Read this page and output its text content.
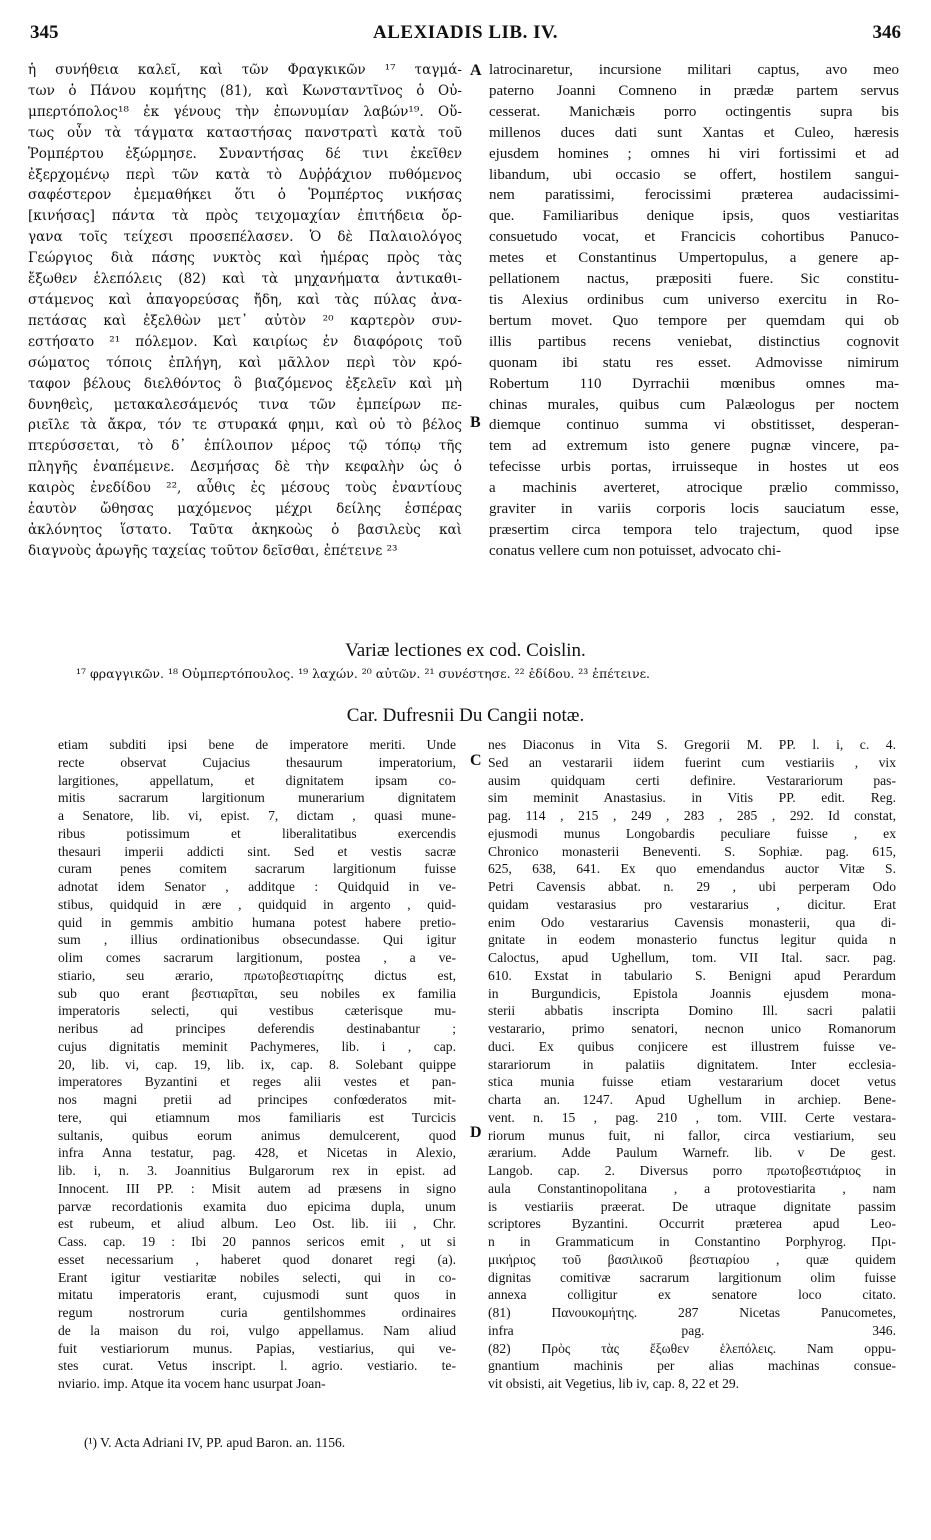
345	ALEXIADIS LIB. IV.	346
ἡ συνήθεια καλεῖ, καὶ τῶν Φραγκικῶν ¹⁷ ταγμά-
των ὁ Πάνου κομήτης (81), καὶ Κωνσταντῖνος ὁ Οὐ-
μπερτόπολος¹⁸ ἐκ γένους τὴν ἐπωνυμίαν λαβών¹⁹. Οὕ-
τως οὖν τὰ τάγματα καταστήσας πανστρατὶ κατὰ τοῦ
Ῥομπέρτου ἐξώρμησε. Συναντήσας δέ τινι ἐκεῖθεν
ἐξερχομένῳ περὶ τῶν κατὰ τὸ Δυῤῥάχιον πυθόμενος
σαφέστερον ἐμεμαθήκει ὅτι ὁ Ῥομπέρτος νικήσας
[κινήσας] πάντα τὰ πρὸς τειχομαχίαν ἐπιτήδεια ὄρ-
γανα τοῖς τείχεσι προσεπέλασεν. Ὁ δὲ Παλαιολόγος
Γεώργιος διὰ πάσης νυκτὸς καὶ ἡμέρας πρὸς τὰς
ἔξωθεν ἑλεπόλεις (82) καὶ τὰ μηχανήματα ἀντικαθι-
στάμενος καὶ ἀπαγορεύσας ἤδη, καὶ τὰς πύλας ἀνα-
πετάσας καὶ ἐξελθὼν μετ᾽ αὐτὸν ²⁰ καρτερὸν συν-
εστήσατο ²¹ πόλεμον. Καὶ καιρίως ἐν διαφόροις τοῦ
σώματος τόποις ἐπλήγη, καὶ μᾶλλον περὶ τὸν κρό-
ταφον βέλους διελθόντος ὃ βιαζόμενος ἐξελεῖν καὶ μὴ
δυνηθεὶς, μετακαλεσάμενός τινα τῶν ἐμπείρων πε-
ριεῖλε τὰ ἄκρα, τόν τε στυρακά φημι, καὶ οὐ τὸ βέλος
πτερύσσεται, τὸ δ᾽ ἐπίλοιπον μέρος τῷ τόπῳ τῆς
πληγῆς ἐναπέμεινε. Δεσμήσας δὲ τὴν κεφαλὴν ὡς ὁ
καιρὸς ἐνεδίδου ²², αὖθις ἐς μέσους τοὺς ἐναντίους
ἑαυτὸν ὤθησας μαχόμενος μέχρι δείλης ἑσπέρας
ἀκλόνητος ἵστατο. Ταῦτα ἀκηκοὼς ὁ βασιλεὺς καὶ
διαγνοὺς ἀρωγῆς ταχείας τοῦτον δεῖσθαι, ἐπέτεινε ²³
latrocinaretur, incursione militari captus, avo meo
paterno Joanni Comneno in prædæ partem servus
cesserat. Manichæis porro octingentis supra bis
millenos duces dati sunt Xantas et Culeo, hæresis
ejusdem homines ; omnes hi viri fortissimi et ad
libandum, ubi occasio se offert, hostilem sangui-
nem paratissimi, ferocissimi præterea audacissimi-
que. Familiaribus denique ipsis, quos vestiaritas
consuetudo vocat, et Francicis cohortibus Panuco-
metes et Constantinus Umpertopulus, a genere ap-
pellationem nactus, præpositi fuere. Sic constitu-
tis Alexius ordinibus cum universo exercitu in Ro-
bertum movet. Quo tempore per quemdam qui ob
illis partibus recens veniebat, distinctius cognovit
quonam ibi statu res esset. Admovisse nimirum
Robertum 110 Dyrrachii mœnibus omnes ma-
chinas murales, quibus cum Palæologus per noctem
diemque continuo summa vi obstitisset, desperan-
tem ad extremum isto genere pugnæ vincere, pa-
tefecisse urbis portas, irruisseque in hostes ut eos
a machinis averteret, atrocique prælio commisso,
graviter in variis corporis locis sauciatum esse,
præsertim circa tempora telo trajectum, quod ipse
conatus vellere cum non potuisset, advocato chi-
A
B
C
D
Variæ lectiones ex cod. Coislin.
¹⁷ φραγγικῶν. ¹⁸ Οὐμπερτόπουλος. ¹⁹ λαχών. ²⁰ αὐτῶν. ²¹ συνέστησε. ²² ἐδίδου. ²³ ἐπέτεινε.
Car. Dufresnii Du Cangii notæ.
etiam subditi ipsi bene de imperatore meriti. Unde
recte observat Cujacius thesaurum imperatorium,
largitiones, appellatum, et dignitatem ipsam co-
mitis sacrarum largitionum munerarium dignitatem
a Senatore, lib. vi, epist. 7, dictam , quasi mune-
ribus potissimum et liberalitatibus exercendis
thesauri imperii addicti sint. Sed et vestis sacræ
curam penes comitem sacrarum largitionum fuisse
adnotat idem Senator , additque : Quidquid in ve-
stibus, quidquid in ære , quidquid in argento , quid-
quid in gemmis ambitio humana potest habere pretio-
sum , illius ordinationibus obsecundasse. Qui igitur
olim comes sacrarum largitionum, postea , a ve-
stiario, seu ærario, πρωτοβεστιαρίτης dictus est,
sub quo erant βεστιαρῖται, seu nobiles ex familia
imperatoris selecti, qui vestibus cæterisque mu-
neribus ad principes deferendis destinabantur ;
cujus dignitatis meminit Pachymeres, lib. i , cap.
20, lib. vi, cap. 19, lib. ix, cap. 8. Solebant quippe
imperatores Byzantini et reges alii vestes et pan-
nos magni pretii ad principes confœderatos mit-
tere, qui etiamnum mos familiaris est Turcicis
sultanis, quibus eorum animus demulcerent, quod
infra Anna testatur, pag. 428, et Nicetas in Alexio,
lib. i, n. 3. Joannitius Bulgarorum rex in epist. ad
Innocent. III PP. : Misit autem ad præsens in signo
parvæ recordationis examita duo epicima dupla, unum
est rubeum, et aliud album. Leo Ost. lib. iii , Chr.
Cass. cap. 19 : Ibi 20 pannos sericos emit , ut si
esset necessarium , haberet quod donaret regi (a).
Erant igitur vestiaritæ nobiles selecti, qui in co-
mitatu imperatoris erant, cujusmodi sunt quos in
regum nostrorum curia gentilshommes ordinaires
de la maison du roi, vulgo appellamus. Nam aliud
fuit vestiariorum munus. Papias, vestiarius, qui ve-
stes curat. Vetus inscript. l. agrio. vestiario. te-
nviario. imp. Atque ita vocem hanc usurpat Joan-
nes Diaconus in Vita S. Gregorii M. PP. l. i, c. 4.
Sed an vestararii iidem fuerint cum vestiariis , vix
ausim quidquam certi definire. Vestarariorum pas-
sim meminit Anastasius. in Vitis PP. edit. Reg.
pag. 114 , 215 , 249 , 283 , 285 , 292. Id constat,
ejusmodi munus Longobardis peculiare fuisse , ex
Chronico monasterii Beneventi. S. Sophiæ. pag. 615,
625, 638, 641. Ex quo emendandus auctor Vitæ S.
Petri Cavensis abbat. n. 29 , ubi perperam Odo
quidam vestarasius pro vestararius , dicitur. Erat
enim Odo vestararius Cavensis monasterii, qua di-
gnitate in eodem monasterio functus legitur quida n
Caloctus, apud Ughellum, tom. VII Ital. sacr. pag.
610. Exstat in tabulario S. Benigni apud Perardum
in Burgundicis, Epistola Joannis ejusdem mona-
sterii abbatis inscripta Domino Ill. sacri palatii
vestarario, primo senatori, necnon unico Romanorum
duci. Ex quibus conjicere est illustrem fuisse ve-
starariorum in palatiis dignitatem. Inter ecclesia-
stica munia fuisse etiam vestararium docet vetus
charta an. 1247. Apud Ughellum in archiep. Bene-
vent. n. 15 , pag. 210 , tom. VIII. Certe vestara-
riorum munus fuit, ni fallor, circa vestiarium, seu
ærarium. Adde Paulum Warnefr. lib. v De gest.
Langob. cap. 2. Diversus porro πρωτοβεστιάριος in
aula Constantinopolitana , a protovestiarita , nam
is vestiariis præerat. De utraque dignitate passim
scriptores Byzantini. Occurrit præterea apud Leo-
n in Grammaticum in Constantino Porphyrog. Πρι-
μικήριος τοῦ βασιλικοῦ βεστιαρίου , quæ quidem
dignitas comitivæ sacrarum largitionum olim fuisse
annexa colligitur ex senatore loco citato.
(81) Πανουκομήτης. 287 Nicetas Panucometes,
infra pag. 346.
(82) Πρὸς τὰς ἔξωθεν ἑλεπόλεις. Nam oppu-
gnantium machinis per alias machinas consue-
vit obsisti, ait Vegetius, lib iv, cap. 8, 22 et 29.
(¹) V. Acta Adriani IV, PP. apud Baron. an. 1156.
